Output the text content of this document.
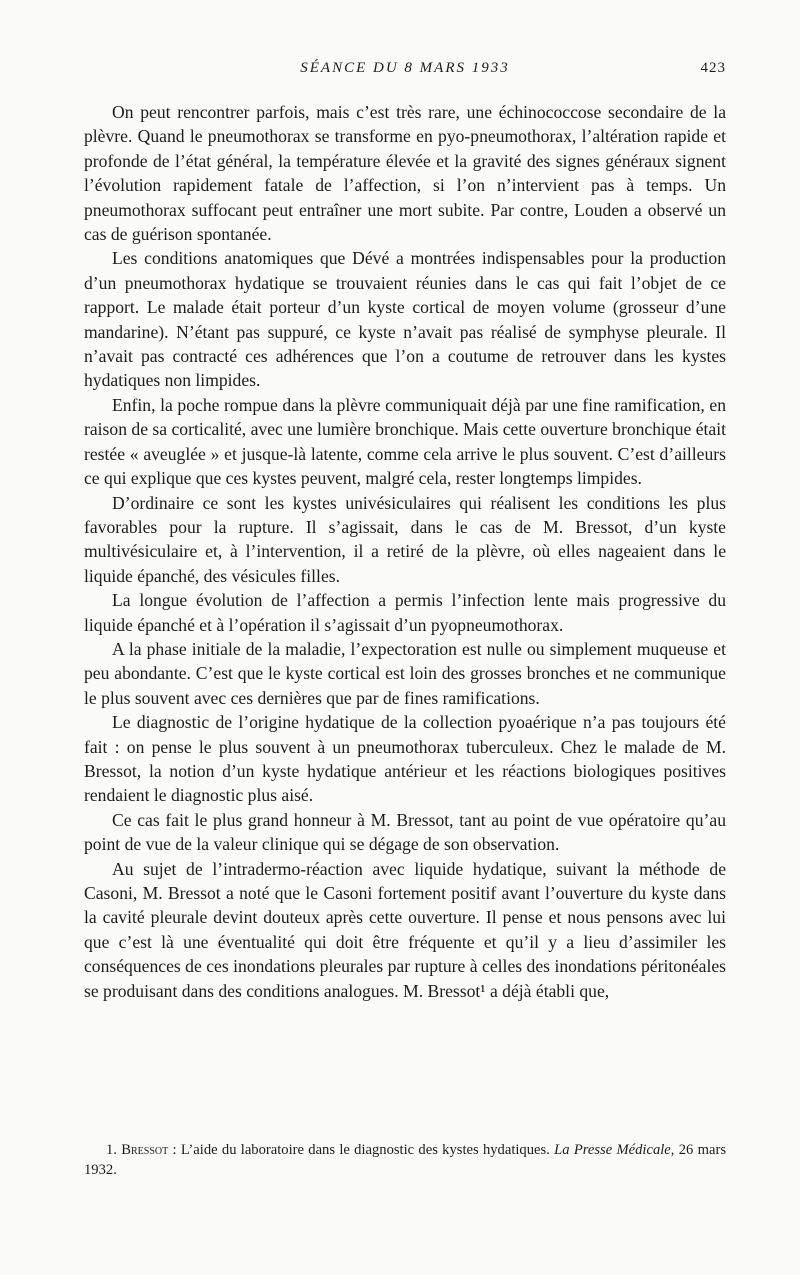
SÉANCE DU 8 MARS 1933	423

On peut rencontrer parfois, mais c’est très rare, une échinococcose secondaire de la plèvre. Quand le pneumothorax se transforme en pyo-pneumothorax, l’altération rapide et profonde de l’état général, la température élevée et la gravité des signes généraux signent l’évolution rapidement fatale de l’affection, si l’on n’intervient pas à temps. Un pneumothorax suffocant peut entraîner une mort subite. Par contre, Louden a observé un cas de guérison spontanée.

Les conditions anatomiques que Dévé a montrées indispensables pour la production d’un pneumothorax hydatique se trouvaient réunies dans le cas qui fait l’objet de ce rapport. Le malade était porteur d’un kyste cortical de moyen volume (grosseur d’une mandarine). N’étant pas suppuré, ce kyste n’avait pas réalisé de symphyse pleurale. Il n’avait pas contracté ces adhérences que l’on a coutume de retrouver dans les kystes hydatiques non limpides.

Enfin, la poche rompue dans la plèvre communiquait déjà par une fine ramification, en raison de sa corticalité, avec une lumière bronchique. Mais cette ouverture bronchique était restée « aveuglée » et jusque-là latente, comme cela arrive le plus souvent. C’est d’ailleurs ce qui explique que ces kystes peuvent, malgré cela, rester longtemps limpides.

D’ordinaire ce sont les kystes univésiculaires qui réalisent les conditions les plus favorables pour la rupture. Il s’agissait, dans le cas de M. Bressot, d’un kyste multivésiculaire et, à l’intervention, il a retiré de la plèvre, où elles nageaient dans le liquide épanché, des vésicules filles.

La longue évolution de l’affection a permis l’infection lente mais progressive du liquide épanché et à l’opération il s’agissait d’un pyopneumothorax.

A la phase initiale de la maladie, l’expectoration est nulle ou simplement muqueuse et peu abondante. C’est que le kyste cortical est loin des grosses bronches et ne communique le plus souvent avec ces dernières que par de fines ramifications.

Le diagnostic de l’origine hydatique de la collection pyoaérique n’a pas toujours été fait : on pense le plus souvent à un pneumothorax tuberculeux. Chez le malade de M. Bressot, la notion d’un kyste hydatique antérieur et les réactions biologiques positives rendaient le diagnostic plus aisé.

Ce cas fait le plus grand honneur à M. Bressot, tant au point de vue opératoire qu’au point de vue de la valeur clinique qui se dégage de son observation.

Au sujet de l’intradermo-réaction avec liquide hydatique, suivant la méthode de Casoni, M. Bressot a noté que le Casoni fortement positif avant l’ouverture du kyste dans la cavité pleurale devint douteux après cette ouverture. Il pense et nous pensons avec lui que c’est là une éventualité qui doit être fréquente et qu’il y a lieu d’assimiler les conséquences de ces inondations pleurales par rupture à celles des inondations péritonéales se produisant dans des conditions analogues. M. Bressot¹ a déjà établi que,

1. Bressot : L’aide du laboratoire dans le diagnostic des kystes hydatiques. La Presse Médicale, 26 mars 1932.
